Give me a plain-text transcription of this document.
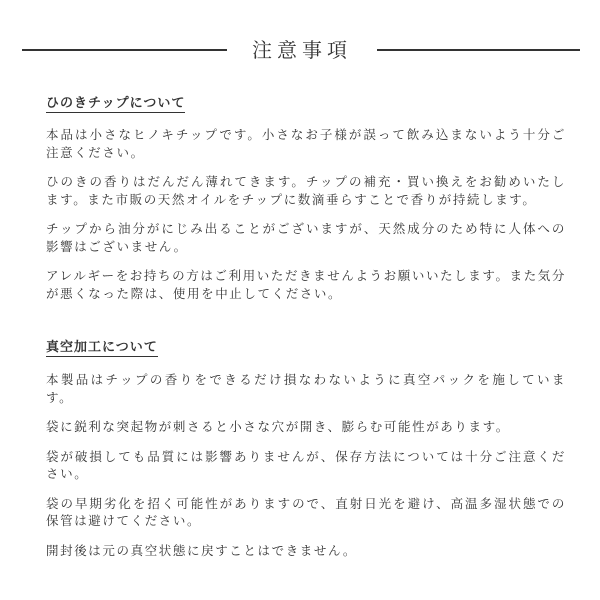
注意事項
ひのきチップについて

本品は小さなヒノキチップです。小さなお子様が誤って飲み込まないよう十分ご注意ください。

ひのきの香りはだんだん薄れてきます。チップの補充・買い換えをお勧めいたします。また市販の天然オイルをチップに数滴垂らすことで香りが持続します。

チップから油分がにじみ出ることがございますが、天然成分のため特に人体への影響はございません。

アレルギーをお持ちの方はご利用いただきませんようお願いいたします。また気分が悪くなった際は、使用を中止してください。

真空加工について

本製品はチップの香りをできるだけ損なわないように真空パックを施しています。

袋に鋭利な突起物が刺さると小さな穴が開き、膨らむ可能性があります。

袋が破損しても品質には影響ありませんが、保存方法については十分ご注意ください。

袋の早期劣化を招く可能性がありますので、直射日光を避け、高温多湿状態での保管は避けてください。

開封後は元の真空状態に戻すことはできません。
